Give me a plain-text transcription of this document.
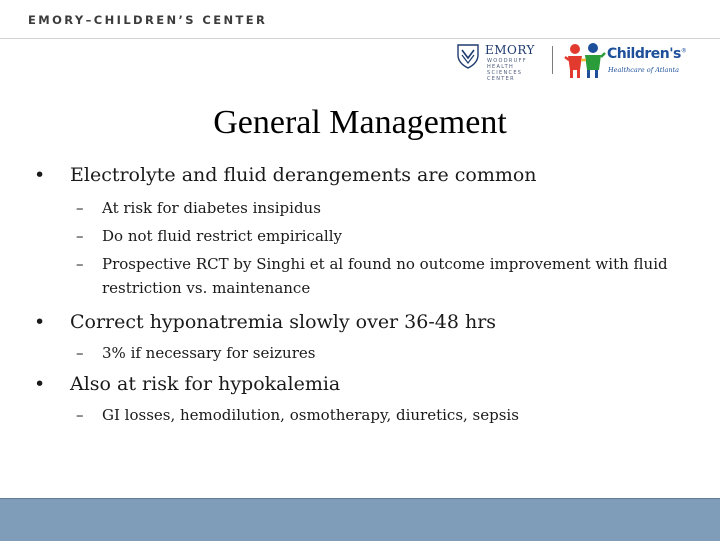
EMORY–CHILDREN’S CENTER
EMORY
WOODRUFF
HEALTH
SCIENCES
CENTER
Children's®
Healthcare of Atlanta
General Management
• Electrolyte and fluid derangements are common
– At risk for diabetes insipidus
– Do not fluid restrict empirically
– Prospective RCT by Singhi et al found no outcome improvement with fluid restriction vs. maintenance
• Correct hyponatremia slowly over 36-48 hrs
– 3% if necessary for seizures
• Also at risk for hypokalemia
– GI losses, hemodilution, osmotherapy, diuretics, sepsis
